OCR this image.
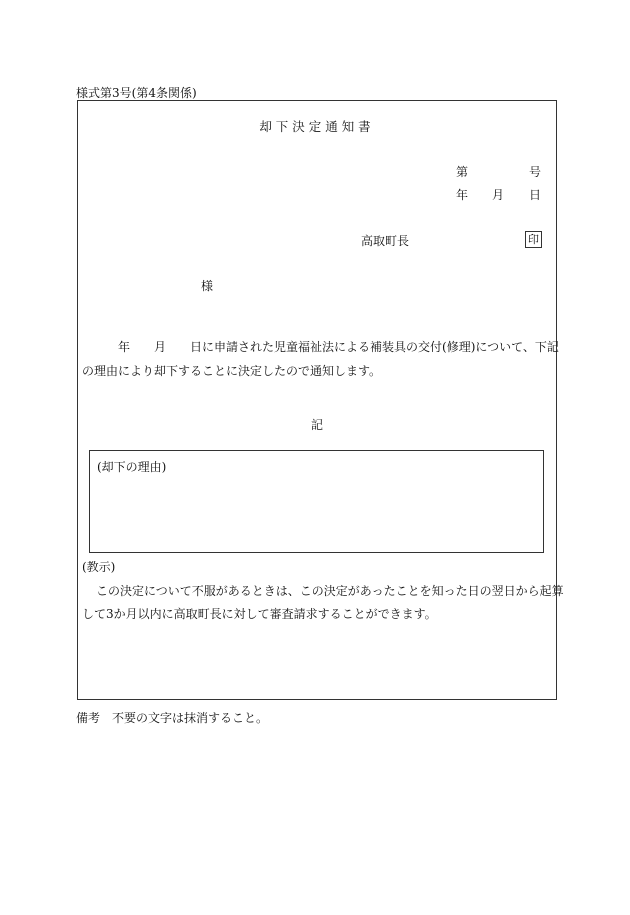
様式第3号(第4条関係)
却 下 決 定 通 知 書
第	号
年 月 日
高取町長	印
様
年 月 日に申請された児童福祉法による補装具の交付(修理)について、下記
の理由により却下することに決定したので通知します。
記
(却下の理由)
(教示)
この決定について不服があるときは、この決定があったことを知った日の翌日から起算
して3か月以内に高取町長に対して審査請求することができます。
備考　不要の文字は抹消すること。
